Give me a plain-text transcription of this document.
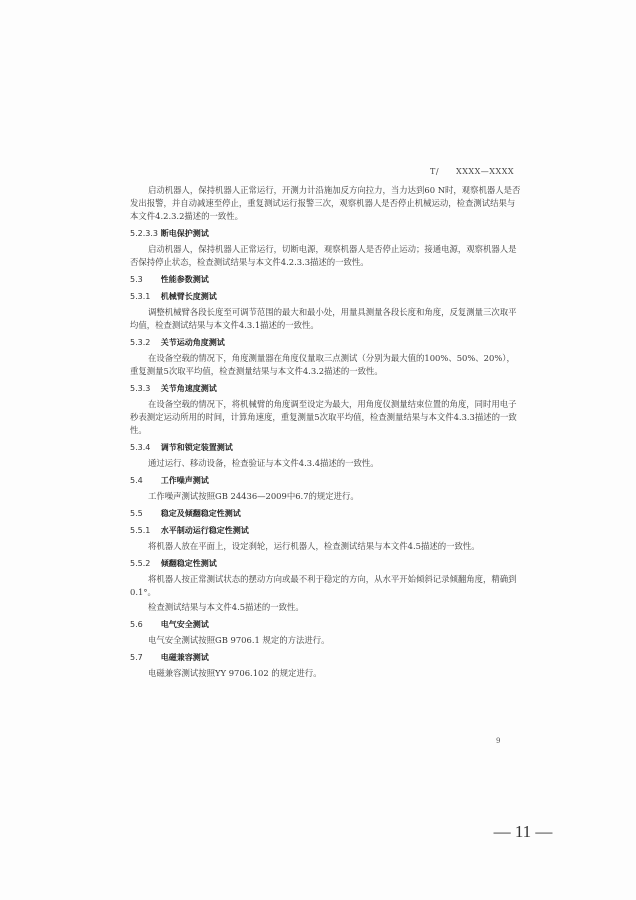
T/　　XXXX—XXXX

启动机器人，保持机器人正常运行，开测力计沿施加反方向拉力，当力达到60 N时，观察机器人是否发出报警，并自动减速至停止，重复测试运行报警三次，观察机器人是否停止机械运动，检查测试结果与本文件4.2.3.2描述的一致性。

5.2.3.3 断电保护测试

启动机器人，保持机器人正常运行，切断电源，观察机器人是否停止运动；接通电源，观察机器人是否保持停止状态，检查测试结果与本文件4.2.3.3描述的一致性。

5.3 性能参数测试
5.3.1 机械臂长度测试

调整机械臂各段长度至可调节范围的最大和最小处，用量具测量各段长度和角度，反复测量三次取平均值，检查测试结果与本文件4.3.1描述的一致性。

5.3.2 关节运动角度测试

在设备空载的情况下，角度测量器在角度仪量取三点测试（分别为最大值的100%、50%、20%），重复测量5次取平均值，检查测量结果与本文件4.3.2描述的一致性。

5.3.3 关节角速度测试

在设备空载的情况下，将机械臂的角度调至设定为最大，用角度仪测量结束位置的角度，同时用电子秒表测定运动所用的时间，计算角速度，重复测量5次取平均值，检查测量结果与本文件4.3.3描述的一致性。

5.3.4 调节和锁定装置测试

通过运行、移动设备，检查验证与本文件4.3.4描述的一致性。

5.4 工作噪声测试

工作噪声测试按照GB 24436—2009中6.7的规定进行。

5.5 稳定及倾翻稳定性测试
5.5.1 水平制动运行稳定性测试

将机器人放在平面上，设定刹轮，运行机器人，检查测试结果与本文件4.5描述的一致性。

5.5.2 倾翻稳定性测试

将机器人按正常测试状态的摆动方向或最不利于稳定的方向，从水平开始倾斜记录倾翻角度，精确到0.1°。

检查测试结果与本文件4.5描述的一致性。

5.6 电气安全测试

电气安全测试按照GB 9706.1 规定的方法进行。

5.7 电磁兼容测试

电磁兼容测试按照YY 9706.102 的规定进行。

9
— 11 —
